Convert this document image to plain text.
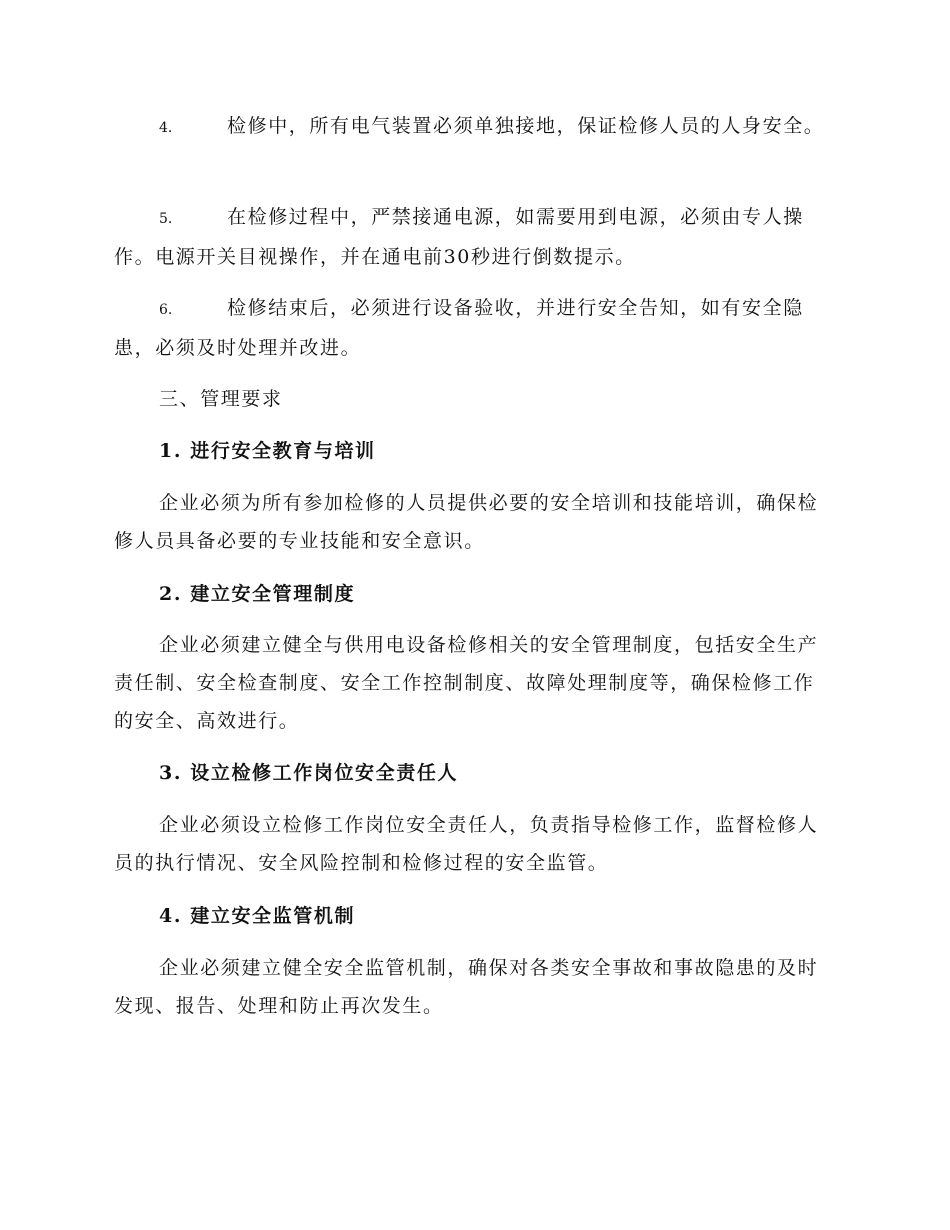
4.	检修中，所有电气装置必须单独接地，保证检修人员的人身安全。

5.	在检修过程中，严禁接通电源，如需要用到电源，必须由专人操作。电源开关目视操作，并在通电前30秒进行倒数提示。

6.	检修结束后，必须进行设备验收，并进行安全告知，如有安全隐患，必须及时处理并改进。

三、管理要求

1. 进行安全教育与培训

企业必须为所有参加检修的人员提供必要的安全培训和技能培训，确保检修人员具备必要的专业技能和安全意识。

2. 建立安全管理制度

企业必须建立健全与供用电设备检修相关的安全管理制度，包括安全生产责任制、安全检查制度、安全工作控制制度、故障处理制度等，确保检修工作的安全、高效进行。

3. 设立检修工作岗位安全责任人

企业必须设立检修工作岗位安全责任人，负责指导检修工作，监督检修人员的执行情况、安全风险控制和检修过程的安全监管。

4. 建立安全监管机制

企业必须建立健全安全监管机制，确保对各类安全事故和事故隐患的及时发现、报告、处理和防止再次发生。
